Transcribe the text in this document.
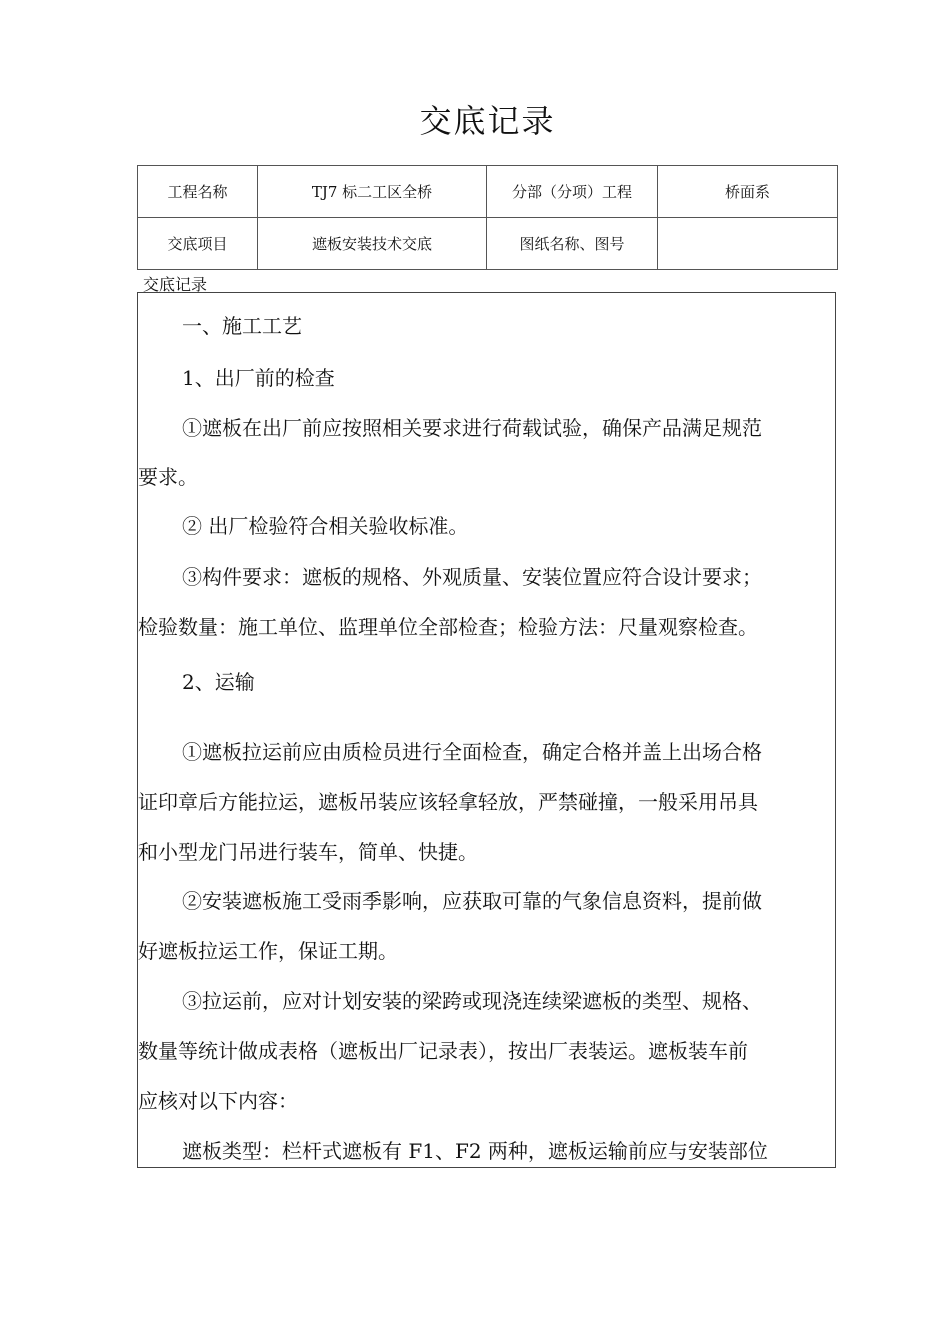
交底记录
工程名称	TJ7 标二工区全桥	分部（分项）工程	桥面系
交底项目	遮板安装技术交底	图纸名称、图号	
交底记录
一、施工工艺
1、出厂前的检查
①遮板在出厂前应按照相关要求进行荷载试验，确保产品满足规范
要求。
② 出厂检验符合相关验收标准。
③构件要求：遮板的规格、外观质量、安装位置应符合设计要求；
检验数量：施工单位、监理单位全部检查；检验方法：尺量观察检查。
2、运输
①遮板拉运前应由质检员进行全面检查，确定合格并盖上出场合格
证印章后方能拉运，遮板吊装应该轻拿轻放，严禁碰撞，一般采用吊具
和小型龙门吊进行装车，简单、快捷。
②安装遮板施工受雨季影响，应获取可靠的气象信息资料，提前做
好遮板拉运工作，保证工期。
③拉运前，应对计划安装的梁跨或现浇连续梁遮板的类型、规格、
数量等统计做成表格（遮板出厂记录表），按出厂表装运。遮板装车前
应核对以下内容：
遮板类型：栏杆式遮板有 F1、F2 两种，遮板运输前应与安装部位
